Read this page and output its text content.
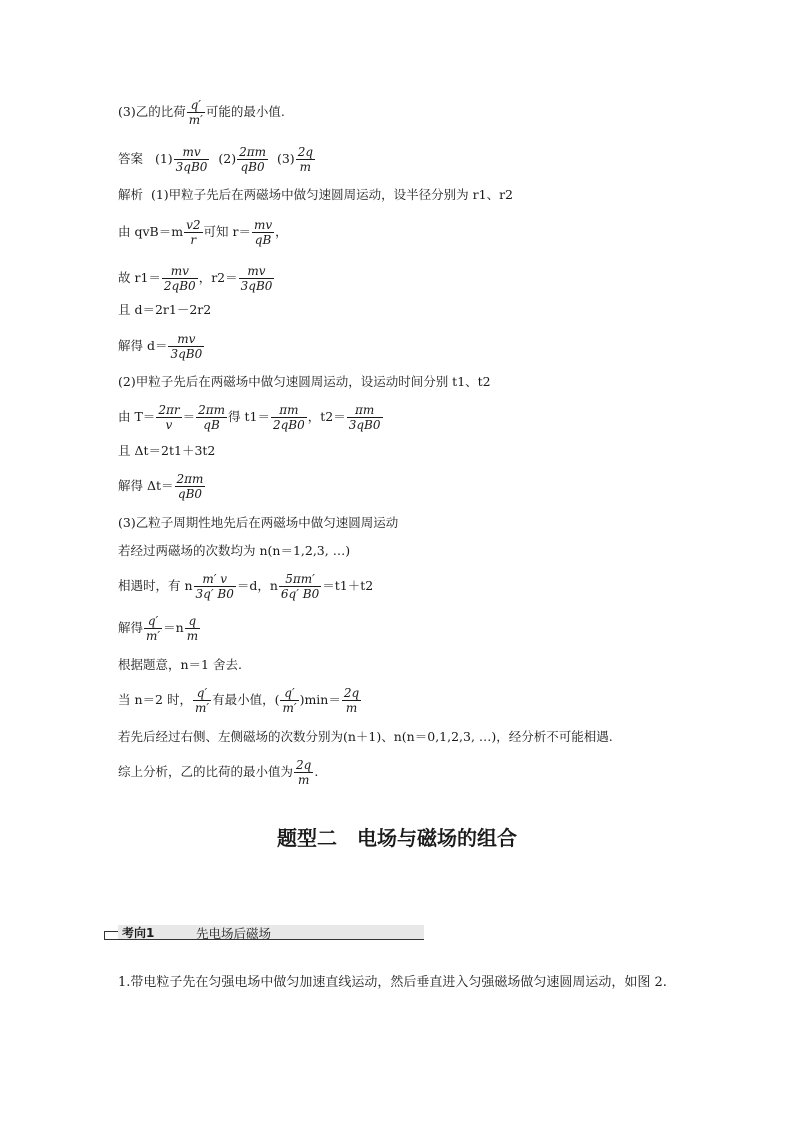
(3)乙的比荷 $\frac{q'}{m'}$ 可能的最小值.
答案 $(1) \frac{mv}{3qB0} (2) \frac{2\pi m}{qB0} (3) \frac{2q}{m}$
解析 (1)甲粒子先后在两磁场中做匀速圆周运动，设半径分别为 r1、r2
由 $qvB=m \frac{v2}{r}$ 可知 $r= \frac{mv}{qB}$ ，
故 $r1= \frac{mv}{2qB0}$ ，$r2= \frac{mv}{3qB0}$
且 d＝2r1－2r2
解得 $d= \frac{mv}{3qB0}$
(2)甲粒子先后在两磁场中做匀速圆周运动，设运动时间分别 t1、t2
由 $T= \frac{2\pi r}{v} = \frac{2\pi m}{qB}$ 得 $t1= \frac{\pi m}{2qB0}$ ，$t2= \frac{\pi m}{3qB0}$
且 Δt＝2t1＋3t2
解得 $\Delta t= \frac{2\pi m}{qB0}$
(3)乙粒子周期性地先后在两磁场中做匀速圆周运动
若经过两磁场的次数均为 n(n＝1,2,3, …)
相遇时，有 n $\frac{m' v}{3q' B0} =d$，n $\frac{5\pi m'}{6q' B0} =t1+t2$
解得 $\frac{q'}{m'} =n \frac{q}{m}$
根据题意，n＝1 舍去.
当 n＝2 时， $\frac{q'}{m'}$ 有最小值，( $\frac{q'}{m'} )\min= \frac{2q}{m}$
若先后经过右侧、左侧磁场的次数分别为(n＋1)、n(n＝0,1,2,3, …)，经分析不可能相遇.
综上分析，乙的比荷的最小值为 $\frac{2q}{m}$ .
题型二　电场与磁场的组合
考向1	先电场后磁场
1.带电粒子先在匀强电场中做匀加速直线运动，然后垂直进入匀强磁场做匀速圆周运动，如图 2.
